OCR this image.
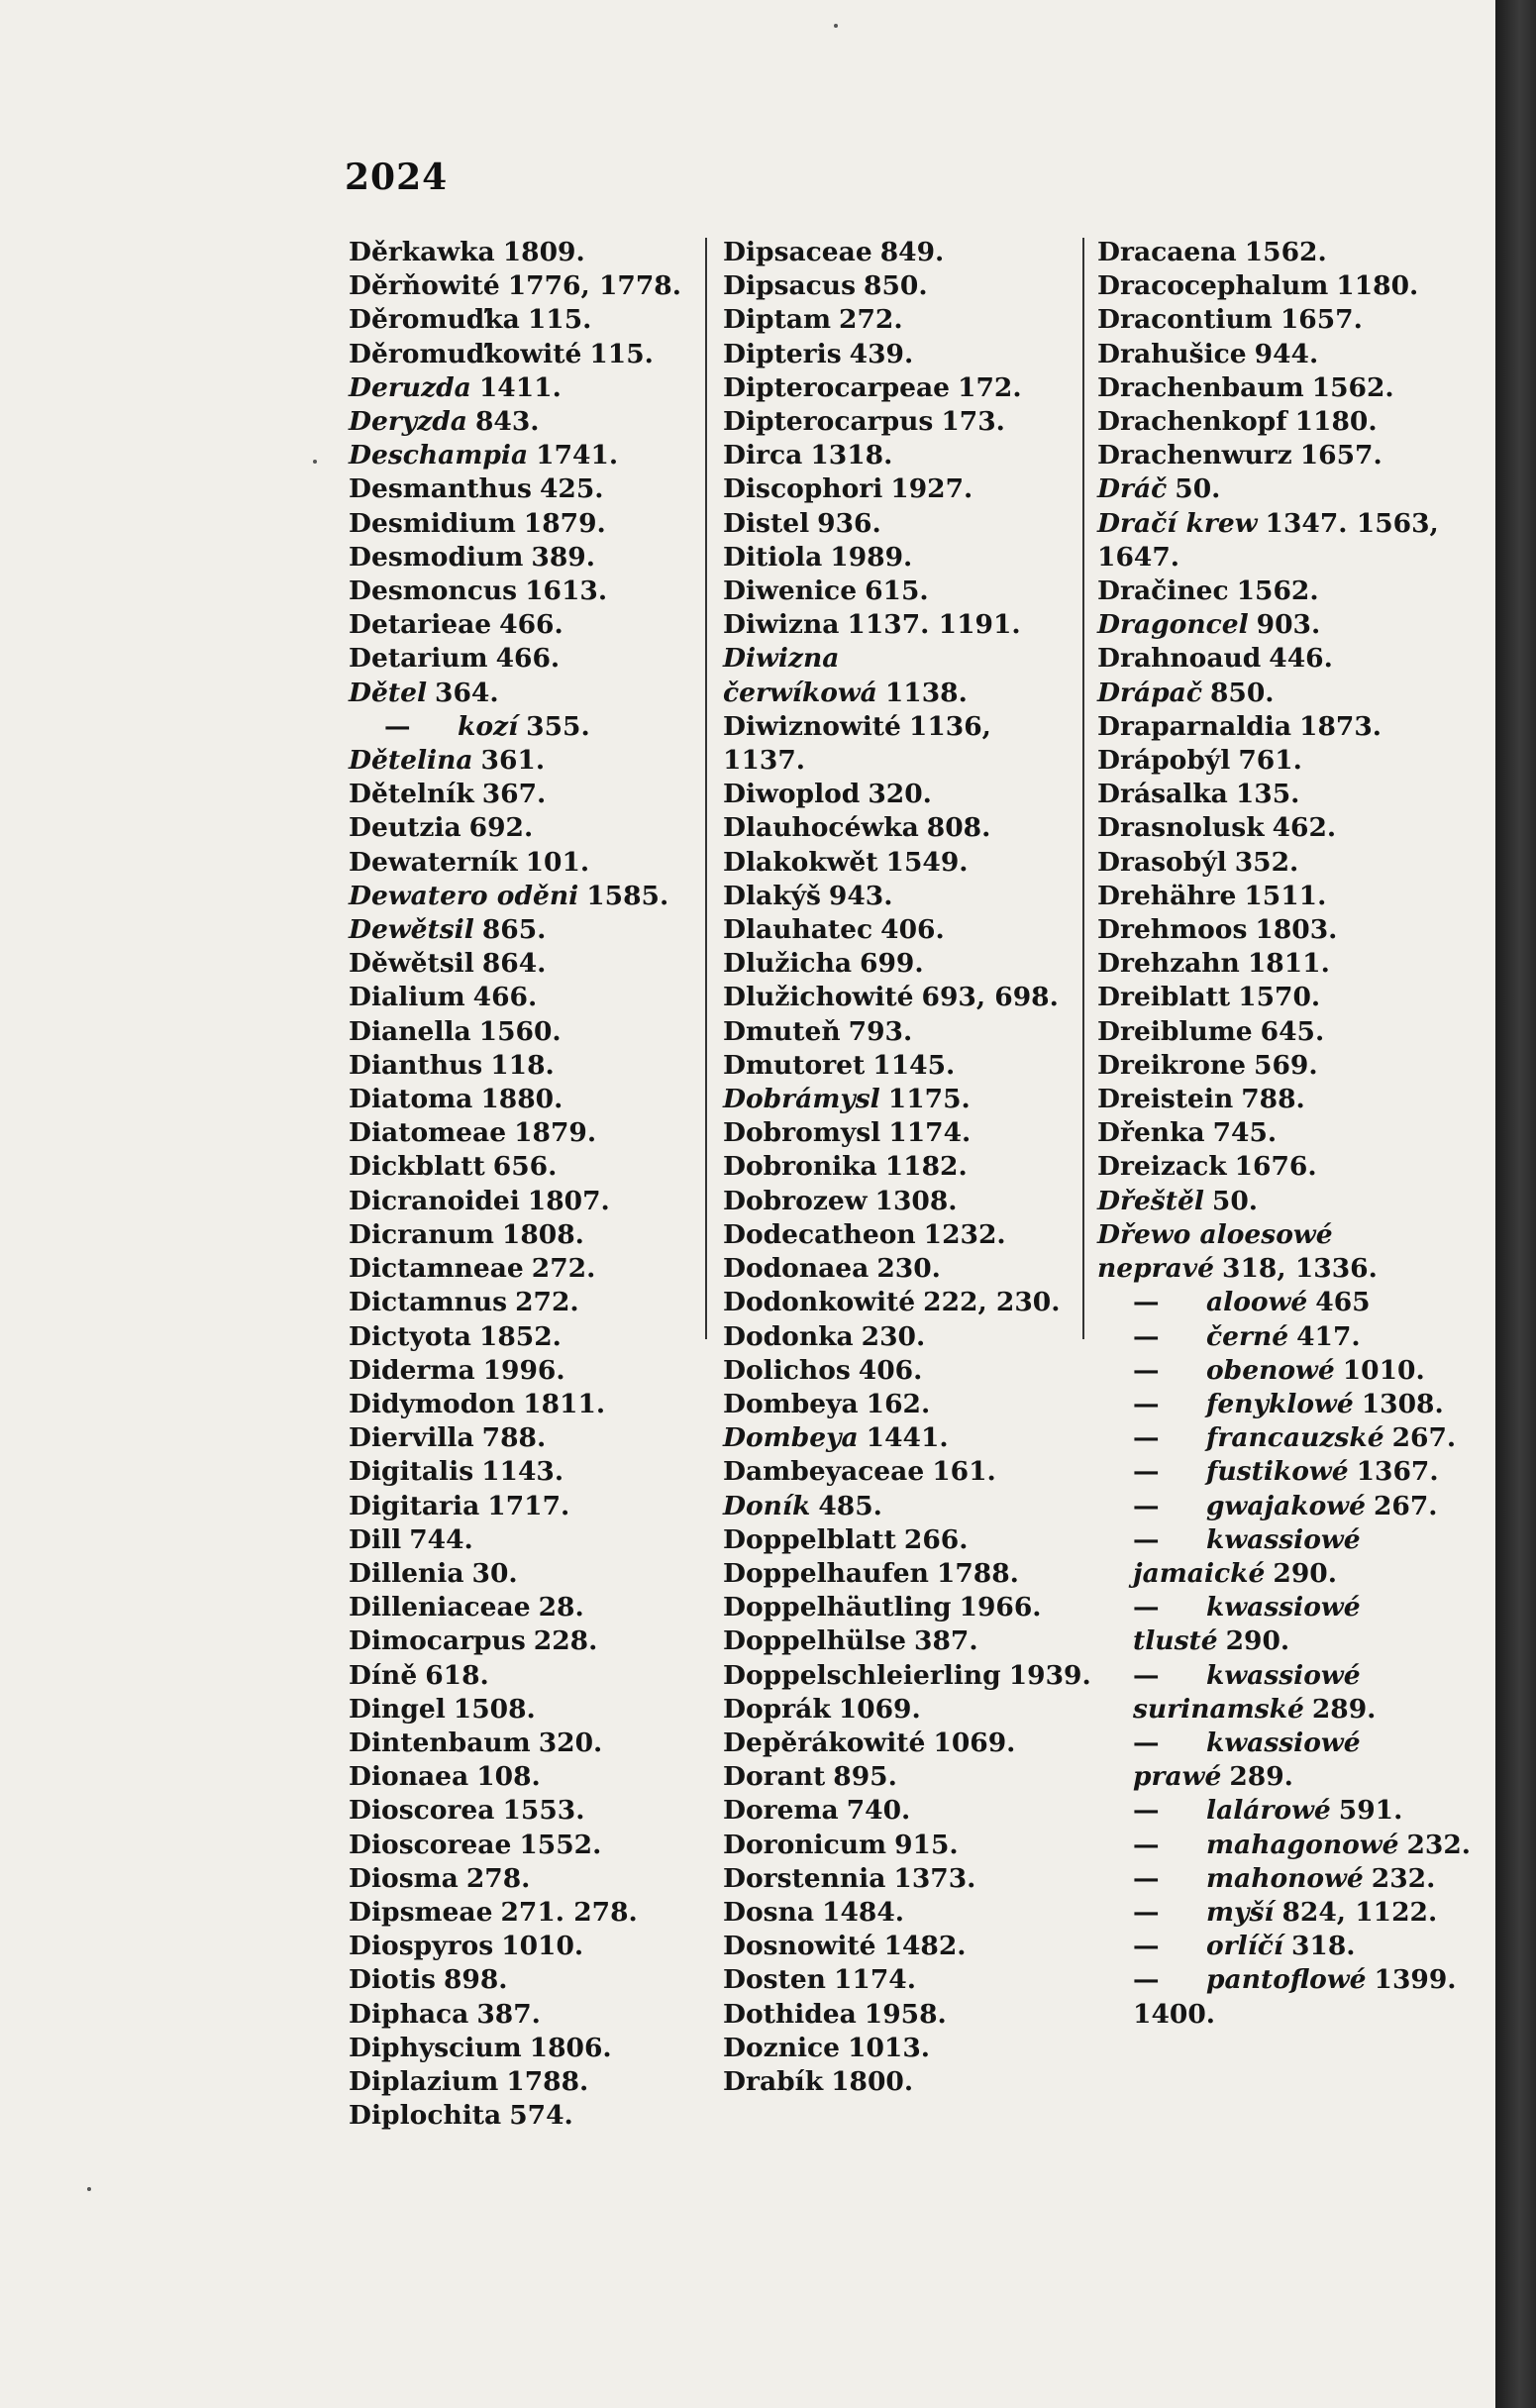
2024
Děrkawka 1809.
Děrňowité 1776, 1778.
Děromuďka 115.
Děromuďkowité 115.
Deruzda 1411.
Deryzda 843.
Deschampia 1741.
Desmanthus 425.
Desmidium 1879.
Desmodium 389.
Desmoncus 1613.
Detarieae 466.
Detarium 466.
Dětel 364.
— kozí 355.
Dětelina 361.
Dětelník 367.
Deutzia 692.
Dewaterník 101.
Dewatero oděni 1585.
Dewětsil 865.
Děwětsil 864.
Dialium 466.
Dianella 1560.
Dianthus 118.
Diatoma 1880.
Diatomeae 1879.
Dickblatt 656.
Dicranoidei 1807.
Dicranum 1808.
Dictamneae 272.
Dictamnus 272.
Dictyota 1852.
Diderma 1996.
Didymodon 1811.
Diervilla 788.
Digitalis 1143.
Digitaria 1717.
Dill 744.
Dillenia 30.
Dilleniaceae 28.
Dimocarpus 228.
Díně 618.
Dingel 1508.
Dintenbaum 320.
Dionaea 108.
Dioscorea 1553.
Dioscoreae 1552.
Diosma 278.
Dipsmeae 271. 278.
Diospyros 1010.
Diotis 898.
Diphaca 387.
Diphyscium 1806.
Diplazium 1788.
Diplochita 574.
Dipsaceae 849.
Dipsacus 850.
Diptam 272.
Dipteris 439.
Dipterocarpeae 172.
Dipterocarpus 173.
Dirca 1318.
Discophori 1927.
Distel 936.
Ditiola 1989.
Diwenice 615.
Diwizna 1137. 1191.
Diwizna čerwíkowá 1138.
Diwiznowité 1136, 1137.
Diwoplod 320.
Dlauhocéwka 808.
Dlakokwět 1549.
Dlakýš 943.
Dlauhatec 406.
Dlužicha 699.
Dlužichowité 693, 698.
Dmuteň 793.
Dmutoret 1145.
Dobrámysl 1175.
Dobromysl 1174.
Dobronika 1182.
Dobrozew 1308.
Dodecatheon 1232.
Dodonaea 230.
Dodonkowité 222, 230.
Dodonka 230.
Dolichos 406.
Dombeya 162.
Dombeya 1441.
Dambeyaceae 161.
Doník 485.
Doppelblatt 266.
Doppelhaufen 1788.
Doppelhäutling 1966.
Doppelhülse 387.
Doppelschleierling 1939.
Doprák 1069.
Depěrákowité 1069.
Dorant 895.
Dorema 740.
Doronicum 915.
Dorstennia 1373.
Dosna 1484.
Dosnowité 1482.
Dosten 1174.
Dothidea 1958.
Doznice 1013.
Drabík 1800.
Dracaena 1562.
Dracocephalum 1180.
Dracontium 1657.
Drahušice 944.
Drachenbaum 1562.
Drachenkopf 1180.
Drachenwurz 1657.
Dráč 50.
Dračí krew 1347. 1563, 1647.
Dračinec 1562.
Dragoncel 903.
Drahnoaud 446.
Drápač 850.
Draparnaldia 1873.
Drápobýl 761.
Drásalka 135.
Drasnolusk 462.
Drasobýl 352.
Drehähre 1511.
Drehmoos 1803.
Drehzahn 1811.
Dreiblatt 1570.
Dreiblume 645.
Dreikrone 569.
Dreistein 788.
Dřenka 745.
Dreizack 1676.
Dřeštěl 50.
Dřewo aloesowé nepravé 318, 1336.
— aloowé 465
— černé 417.
— obenowé 1010.
— fenyklowé 1308.
— francauzské 267.
— fustikowé 1367.
— gwajakowé 267.
— kwassiowé jamaické 290.
— kwassiowé tlusté 290.
— kwassiowé surinamské 289.
— kwassiowé prawé 289.
— lalárowé 591.
— mahagonowé 232.
— mahonowé 232.
— myší 824, 1122.
— orlíčí 318.
— pantoflowé 1399. 1400.
